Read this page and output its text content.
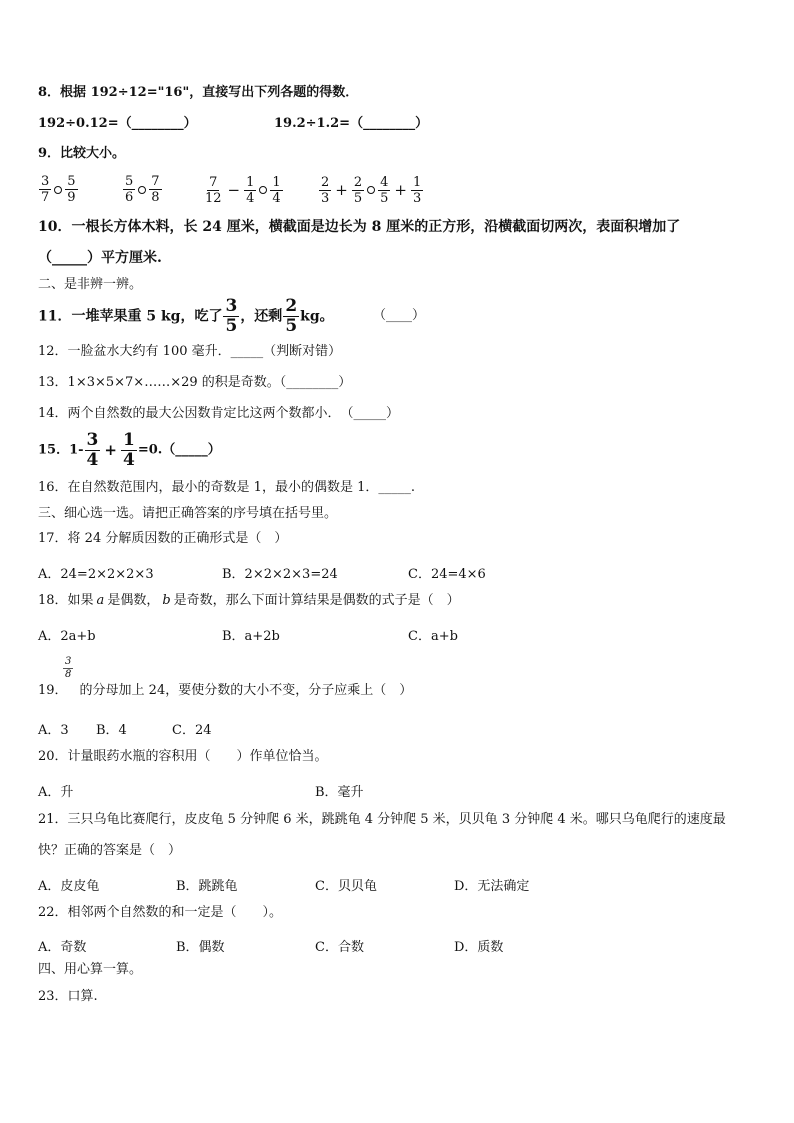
8．根据 192÷12="16"，直接写出下列各题的得数．
192÷0.12=（________）	19.2÷1.2=（________）
9．比较大小。
$\frac{3}{7} \frac{5}{9}$	$\frac{5}{6} \frac{7}{8}$	$\frac{7}{12} - \frac{1}{4} \frac{1}{4}$	$\frac{2}{3} + \frac{2}{5} \frac{4}{5} + \frac{1}{3}$
10．一根长方体木料，长 24 厘米，横截面是边长为 8 厘米的正方形，沿横截面切两次，表面积增加了
（_____）平方厘米.
二、是非辨一辨。
11．一堆苹果重 5 kg，吃了 $\frac{3}{5}$ ，还剩 $\frac{2}{5}$ kg。	（____）
12．一脸盆水大约有 100 毫升．_____（判断对错）
13．1×3×5×7×……×29 的积是奇数。（________）
14．两个自然数的最大公因数肯定比这两个数都小．　（_____）
15．$1- \frac{3}{4} + \frac{1}{4}$ =0.（_____）
16．在自然数范围内，最小的奇数是 1，最小的偶数是 1．_____.
三、细心选一选。请把正确答案的序号填在括号里。
17．将 24 分解质因数的正确形式是（　）
A．24=2×2×2×3	B．2×2×2×3=24	C．24=4×6
18．如果 a 是偶数， b 是奇数，那么下面计算结果是偶数的式子是（　）
A．2a+b	B．a+2b	C．a+b
$\frac{3}{8}$
19． 的分母加上 24，要使分数的大小不变，分子应乘上（　）
A．3 B．4	C．24
20．计量眼药水瓶的容积用（　　）作单位恰当。
A．升	B．毫升
21．三只乌龟比赛爬行，皮皮龟 5 分钟爬 6 米，跳跳龟 4 分钟爬 5 米，贝贝龟 3 分钟爬 4 米。哪只乌龟爬行的速度最
快？正确的答案是（　）
A．皮皮龟	B．跳跳龟	C．贝贝龟	D．无法确定
22．相邻两个自然数的和一定是（　　）。
A．奇数	B．偶数	C．合数	D．质数
四、用心算一算。
23．口算.
